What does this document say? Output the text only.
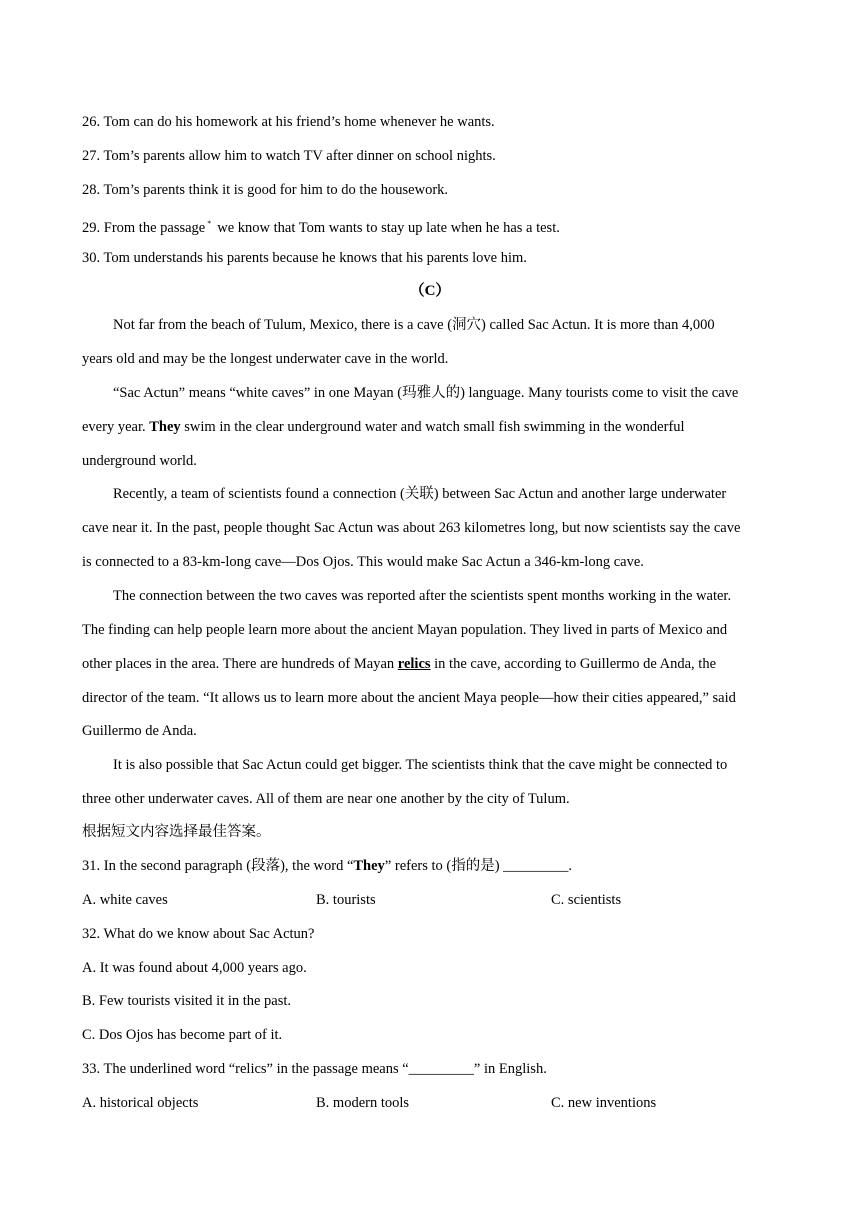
26. Tom can do his homework at his friend’s home whenever he wants.
27. Tom’s parents allow him to watch TV after dinner on school nights.
28. Tom’s parents think it is good for him to do the housework.
29. From the passage * we know that Tom wants to stay up late when he has a test.
30. Tom understands his parents because he knows that his parents love him.
（C）
Not far from the beach of Tulum, Mexico, there is a cave (洞穴) called Sac Actun. It is more than 4,000
years old and may be the longest underwater cave in the world.
“Sac Actun” means “white caves” in one Mayan (玛雅人的) language. Many tourists come to visit the cave
every year. They swim in the clear underground water and watch small fish swimming in the wonderful
underground world.
Recently, a team of scientists found a connection (关联) between Sac Actun and another large underwater
cave near it. In the past, people thought Sac Actun was about 263 kilometres long, but now scientists say the cave
is connected to a 83-km-long cave—Dos Ojos. This would make Sac Actun a 346-km-long cave.
The connection between the two caves was reported after the scientists spent months working in the water.
The finding can help people learn more about the ancient Mayan population. They lived in parts of Mexico and
other places in the area. There are hundreds of Mayan relics in the cave, according to Guillermo de Anda, the
director of the team. “It allows us to learn more about the ancient Maya people—how their cities appeared,” said
Guillermo de Anda.
It is also possible that Sac Actun could get bigger. The scientists think that the cave might be connected to
three other underwater caves. All of them are near one another by the city of Tulum.
根据短文内容选择最佳答案。
31. In the second paragraph (段落), the word “They” refers to (指的是) _________.
A. white caves	B. tourists	C. scientists
32. What do we know about Sac Actun?
A. It was found about 4,000 years ago.
B. Few tourists visited it in the past.
C. Dos Ojos has become part of it.
33. The underlined word “relics” in the passage means “_________” in English.
A. historical objects	B. modern tools	C. new inventions
